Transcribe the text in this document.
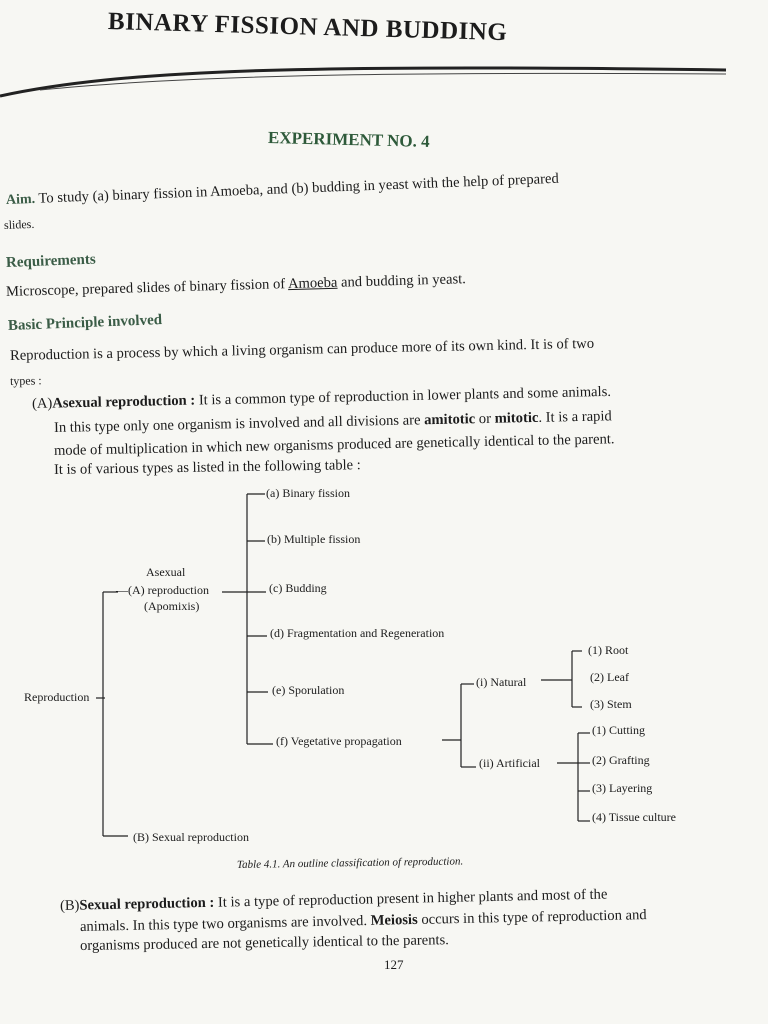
BINARY FISSION AND BUDDING
EXPERIMENT NO. 4
Aim. To study (a) binary fission in Amoeba, and (b) budding in yeast with the help of prepared
slides.
Requirements
Microscope, prepared slides of binary fission of Amoeba and budding in yeast.
Basic Principle involved
Reproduction is a process by which a living organism can produce more of its own kind. It is of two
types :
(A)Asexual reproduction : It is a common type of reproduction in lower plants and some animals.
In this type only one organism is involved and all divisions are amitotic or mitotic. It is a rapid
mode of multiplication in which new organisms produced are genetically identical to the parent.
It is of various types as listed in the following table :
Reproduction
Asexual
—(A) reproduction
(Apomixis)
(a) Binary fission
(b) Multiple fission
(c) Budding
(d) Fragmentation and Regeneration
(e) Sporulation
(f) Vegetative propagation
(i) Natural
(ii) Artificial
(1) Root
(2) Leaf
(3) Stem
(1) Cutting
(2) Grafting
(3) Layering
(4) Tissue culture
(B) Sexual reproduction
Table 4.1. An outline classification of reproduction.
(B)Sexual reproduction : It is a type of reproduction present in higher plants and most of the
animals. In this type two organisms are involved. Meiosis occurs in this type of reproduction and
organisms produced are not genetically identical to the parents.
127
